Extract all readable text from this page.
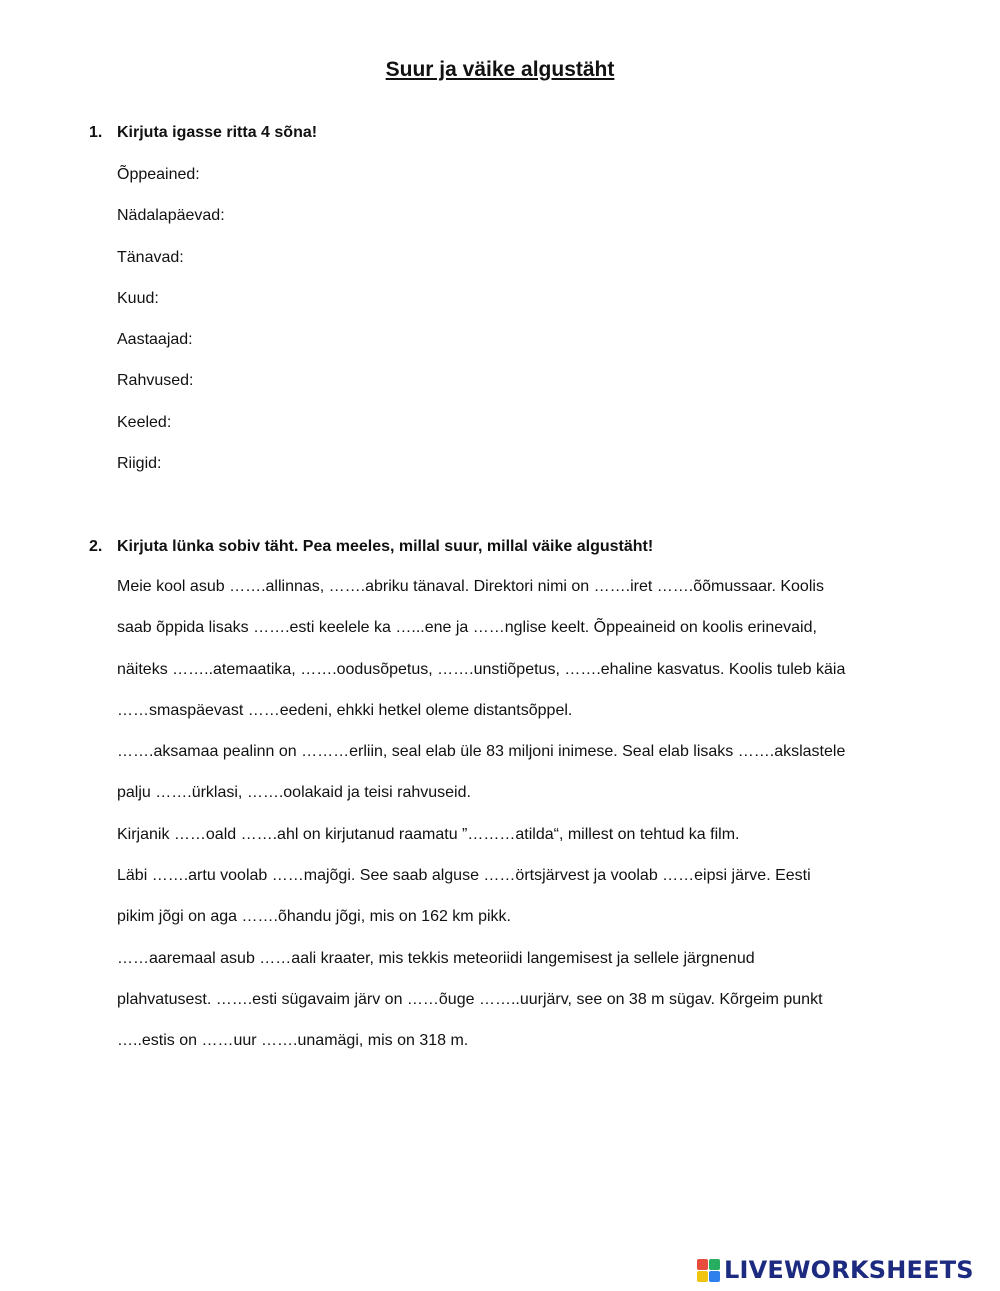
Suur ja väike algustäht

1. Kirjuta igasse ritta 4 sõna!

Õppeained:
Nädalapäevad:
Tänavad:
Kuud:
Aastaajad:
Rahvused:
Keeled:
Riigid:

2. Kirjuta lünka sobiv täht. Pea meeles, millal suur, millal väike algustäht!

Meie kool asub …….allinnas, …….abriku tänaval. Direktori nimi on …….iret …….õõmussaar. Koolis
saab õppida lisaks …….esti keelele ka …...ene ja ……nglise keelt. Õppeaineid on koolis erinevaid,
näiteks ……..atemaatika, …….oodusõpetus, …….unstiõpetus, …….ehaline kasvatus. Koolis tuleb käia
……smaspäevast ……eedeni, ehkki hetkel oleme distantsõppel.
…….aksamaa pealinn on ………erliin, seal elab üle 83 miljoni inimese. Seal elab lisaks …….akslastele
palju …….ürklasi, …….oolakaid ja teisi rahvuseid.
Kirjanik ……oald …….ahl on kirjutanud raamatu ”………atilda“, millest on tehtud ka film.
Läbi …….artu voolab ……majõgi. See saab alguse ……örtsjärvest ja voolab ……eipsi järve. Eesti
pikim jõgi on aga …….õhandu jõgi, mis on 162 km pikk.
……aaremaal asub ……aali kraater, mis tekkis meteoriidi langemisest ja sellele järgnenud
plahvatusest. …….esti sügavaim järv on ……õuge ……..uurjärv, see on 38 m sügav. Kõrgeim punkt
…..estis on ……uur …….unamägi, mis on 318 m.
LIVEWORKSHEETS
